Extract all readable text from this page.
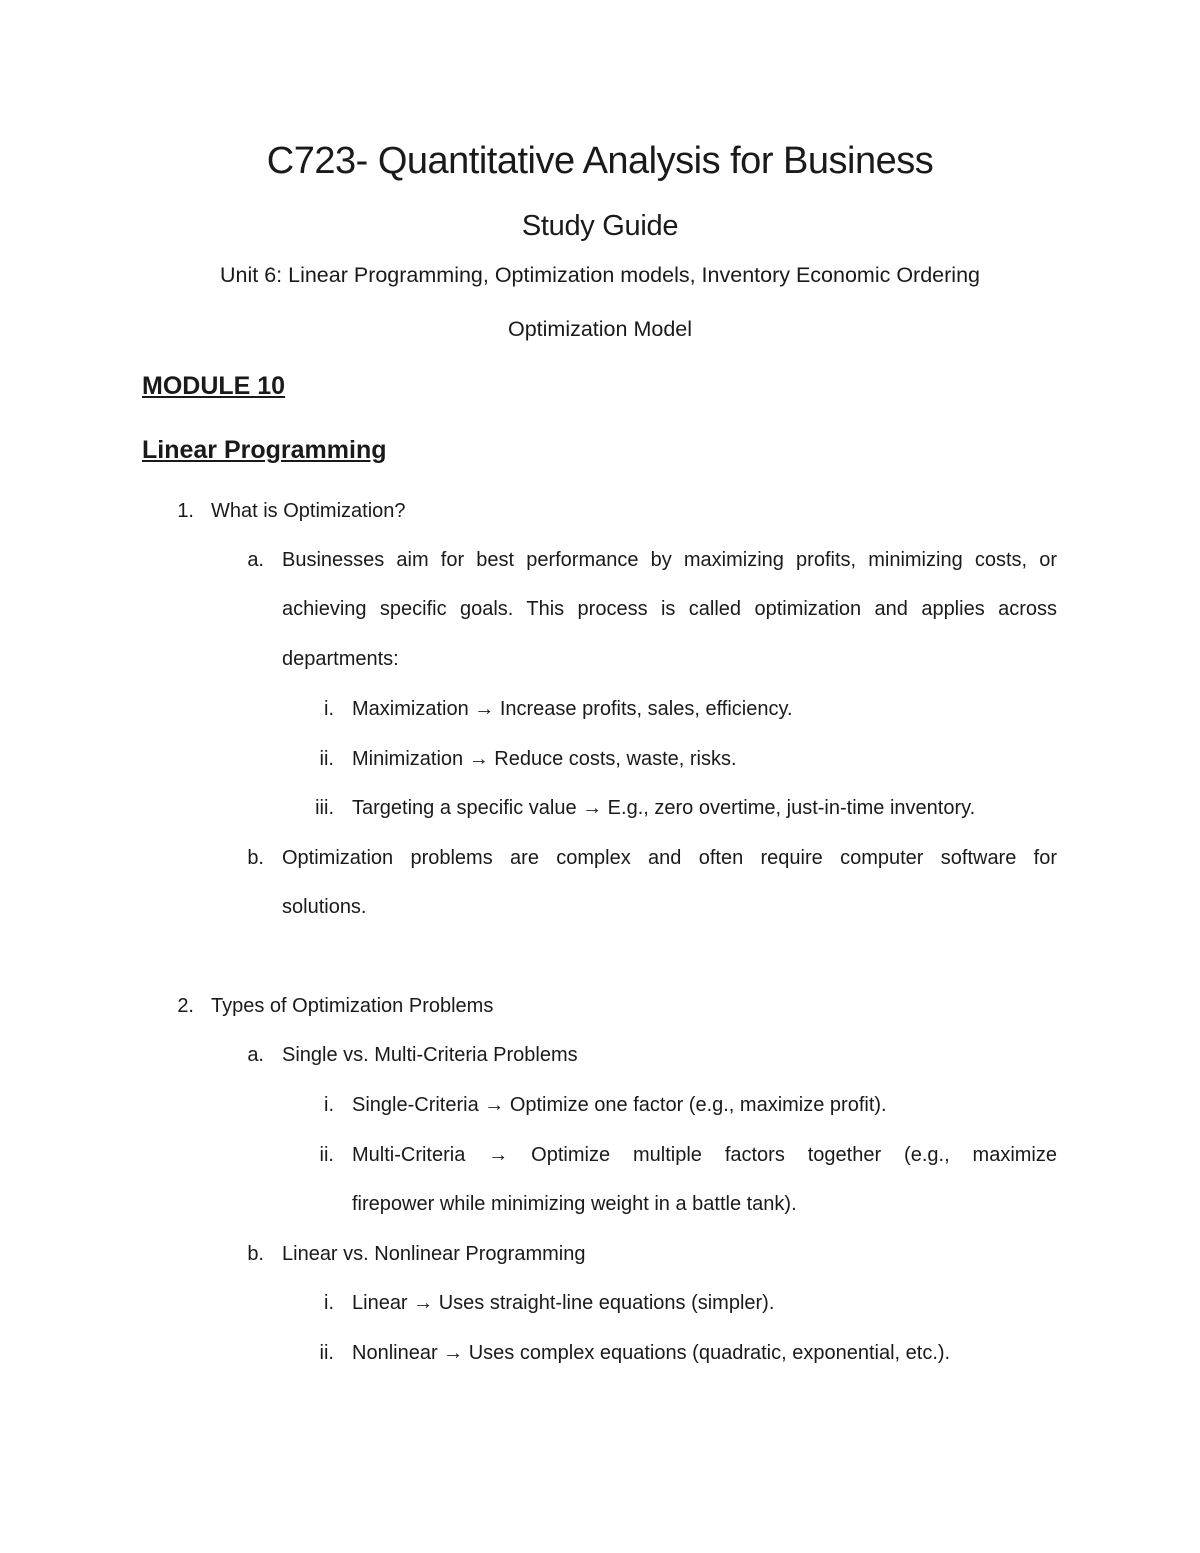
C723- Quantitative Analysis for Business
Study Guide
Unit 6: Linear Programming, Optimization models, Inventory Economic Ordering
Optimization Model
MODULE 10
Linear Programming
1. What is Optimization?
a. Businesses aim for best performance by maximizing profits, minimizing costs, or
achieving specific goals. This process is called optimization and applies across
departments:
i. Maximization → Increase profits, sales, efficiency.
ii. Minimization → Reduce costs, waste, risks.
iii. Targeting a specific value → E.g., zero overtime, just-in-time inventory.
b. Optimization problems are complex and often require computer software for
solutions.
2. Types of Optimization Problems
a. Single vs. Multi-Criteria Problems
i. Single-Criteria → Optimize one factor (e.g., maximize profit).
ii. Multi-Criteria → Optimize multiple factors together (e.g., maximize
firepower while minimizing weight in a battle tank).
b. Linear vs. Nonlinear Programming
i. Linear → Uses straight-line equations (simpler).
ii. Nonlinear → Uses complex equations (quadratic, exponential, etc.).
